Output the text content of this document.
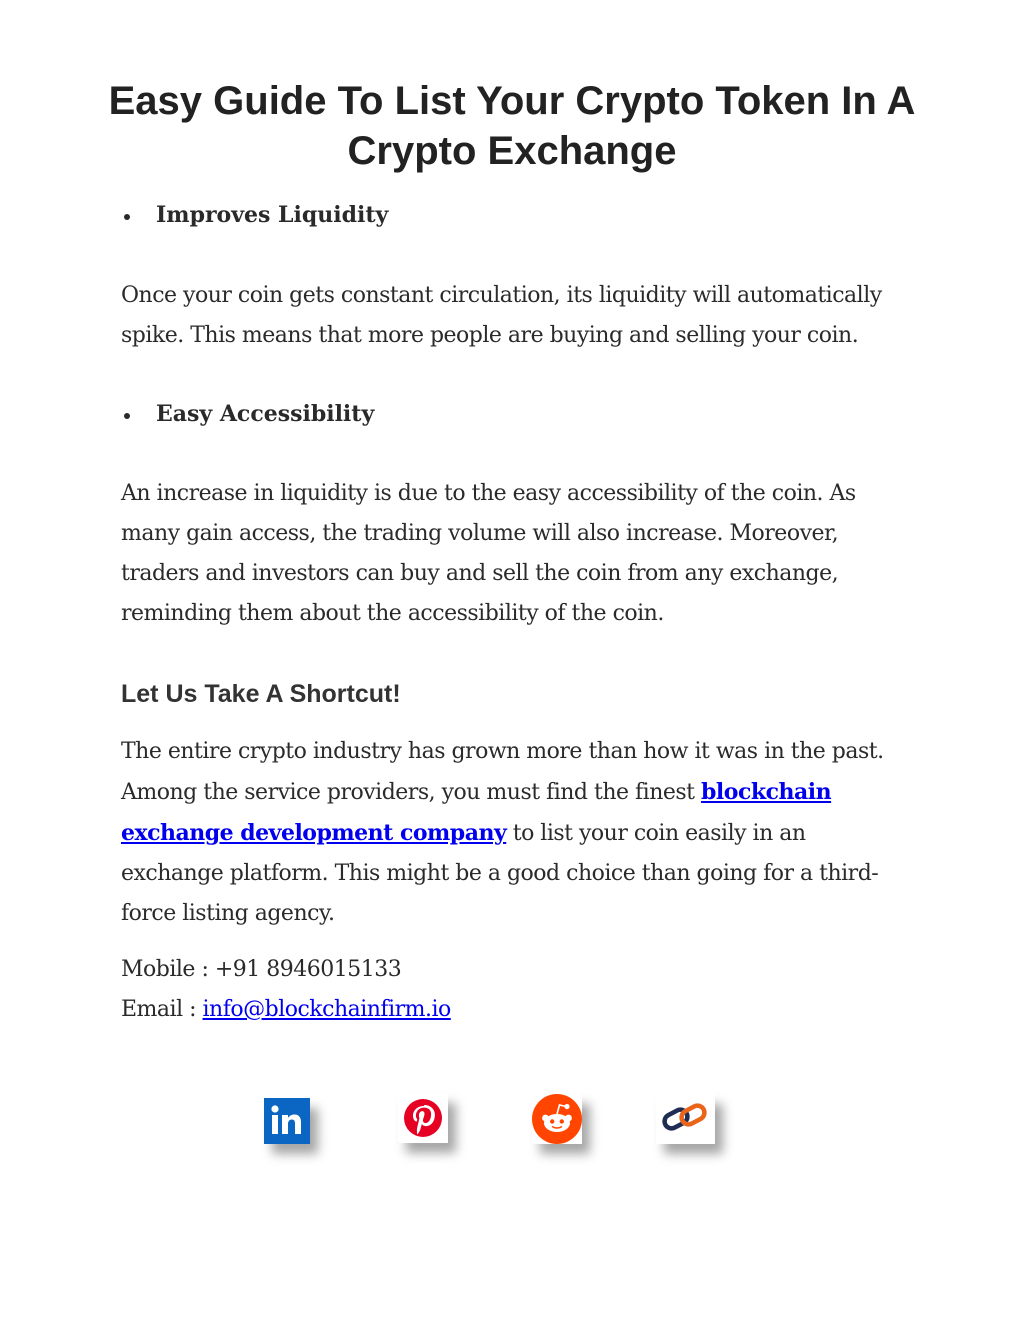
Easy Guide To List Your Crypto Token In A Crypto Exchange
Improves Liquidity

Once your coin gets constant circulation, its liquidity will automatically spike. This means that more people are buying and selling your coin.

Easy Accessibility

An increase in liquidity is due to the easy accessibility of the coin. As many gain access, the trading volume will also increase. Moreover, traders and investors can buy and sell the coin from any exchange, reminding them about the accessibility of the coin.

Let Us Take A Shortcut!

The entire crypto industry has grown more than how it was in the past. Among the service providers, you must find the finest blockchain exchange development company to list your coin easily in an exchange platform. This might be a good choice than going for a third-force listing agency.

Mobile : +91 8946015133
Email : info@blockchainfirm.io
